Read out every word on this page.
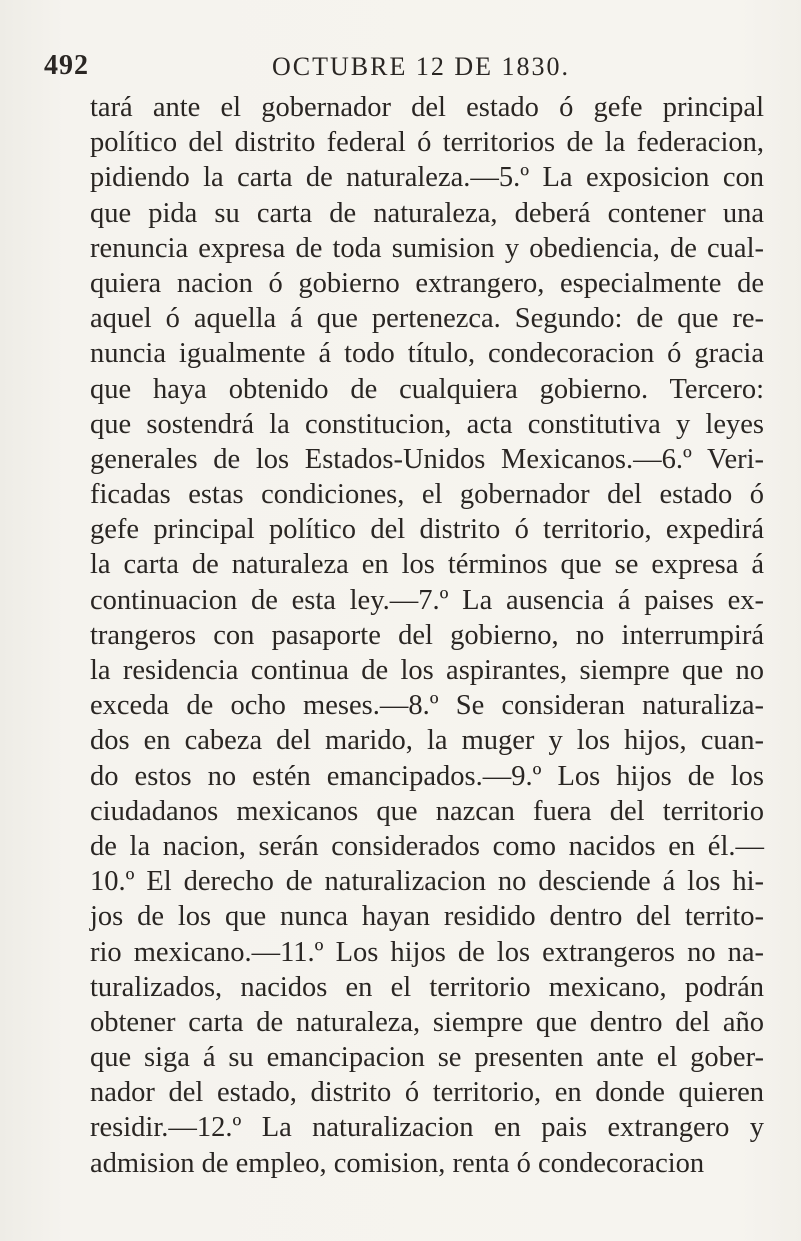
492	OCTUBRE 12 DE 1830.
tará ante el gobernador del estado ó gefe principal
político del distrito federal ó territorios de la federacion,
pidiendo la carta de naturaleza.—5.º La exposicion con
que pida su carta de naturaleza, deberá contener una
renuncia expresa de toda sumision y obediencia, de cual-
quiera nacion ó gobierno extrangero, especialmente de
aquel ó aquella á que pertenezca. Segundo: de que re-
nuncia igualmente á todo título, condecoracion ó gracia
que haya obtenido de cualquiera gobierno. Tercero:
que sostendrá la constitucion, acta constitutiva y leyes
generales de los Estados-Unidos Mexicanos.—6.º Veri-
ficadas estas condiciones, el gobernador del estado ó
gefe principal político del distrito ó territorio, expedirá
la carta de naturaleza en los términos que se expresa á
continuacion de esta ley.—7.º La ausencia á paises ex-
trangeros con pasaporte del gobierno, no interrumpirá
la residencia continua de los aspirantes, siempre que no
exceda de ocho meses.—8.º Se consideran naturaliza-
dos en cabeza del marido, la muger y los hijos, cuan-
do estos no estén emancipados.—9.º Los hijos de los
ciudadanos mexicanos que nazcan fuera del territorio
de la nacion, serán considerados como nacidos en él.—
10.º El derecho de naturalizacion no desciende á los hi-
jos de los que nunca hayan residido dentro del territo-
rio mexicano.—11.º Los hijos de los extrangeros no na-
turalizados, nacidos en el territorio mexicano, podrán
obtener carta de naturaleza, siempre que dentro del año
que siga á su emancipacion se presenten ante el gober-
nador del estado, distrito ó territorio, en donde quieren
residir.—12.º La naturalizacion en pais extrangero y
admision de empleo, comision, renta ó condecoracion
